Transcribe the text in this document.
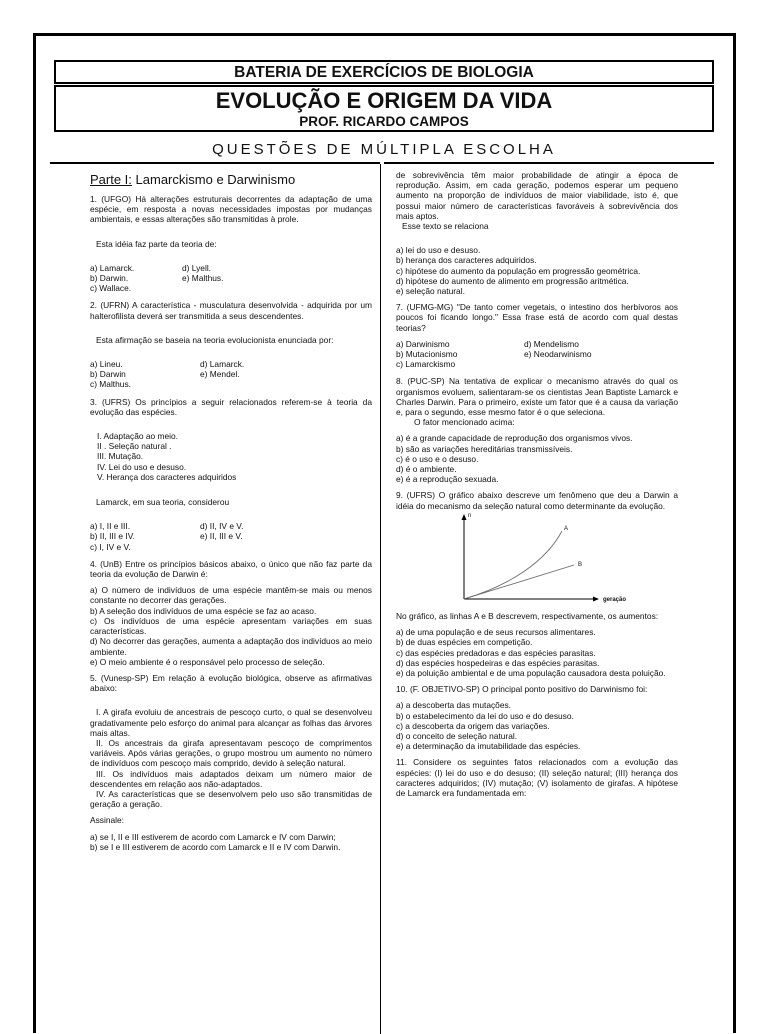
BATERIA DE EXERCÍCIOS DE BIOLOGIA
EVOLUÇÃO E ORIGEM DA VIDA
PROF. RICARDO CAMPOS
QUESTÕES DE MÚLTIPLA ESCOLHA
Parte I: Lamarckismo e Darwinismo

1. (UFGO) Há alterações estruturais decorrentes da adaptação de uma espécie, em resposta a novas necessidades impostas por mudanças ambientais, e essas alterações são transmitidas à prole.

Esta idéia faz parte da teoria de:

a) Lamarck.	d) Lyell.
b) Darwin.	e) Malthus.
c) Wallace.

2. (UFRN) A característica - musculatura desenvolvida - adquirida por um halterofilista deverá ser transmitida a seus descendentes.

Esta afirmação se baseia na teoria evolucionista enunciada por:

a) Lineu.	d) Lamarck.
b) Darwin	e) Mendel.
c) Malthus.

3. (UFRS) Os princípios a seguir relacionados referem-se à teoria da evolução das espécies.

I. Adaptação ao meio.
II . Seleção natural .
III. Mutação.
IV. Lei do uso e desuso.
V. Herança dos caracteres adquiridos

Lamarck, em sua teoria, considerou

a) I, II e III.	d) II, IV e V.
b) II, III e IV.	e) II, III e V.
c) I, IV e V.

4. (UnB) Entre os princípios básicos abaixo, o único que não faz parte da teoria da evolução de Darwin é:

a) O número de indivíduos de uma espécie mantêm-se mais ou menos constante no decorrer das gerações.

b) A seleção dos indivíduos de uma espécie se faz ao acaso.

c) Os indivíduos de uma espécie apresentam variações em suas características.

d) No decorrer das gerações, aumenta a adaptação dos indivíduos ao meio ambiente.

e) O meio ambiente é o responsável pelo processo de seleção.

5. (Vunesp-SP) Em relação à evolução biológica, observe as afirmativas abaixo:

I. A girafa evoluiu de ancestrais de pescoço curto, o qual se desenvolveu gradativamente pelo esforço do animal para alcançar as folhas das árvores mais altas.

II. Os ancestrais da girafa apresentavam pescoço de comprimentos variáveis. Após várias gerações, o grupo mostrou um aumento no número de indivíduos com pescoço mais comprido, devido à seleção natural.

III. Os indivíduos mais adaptados deixam um número maior de descendentes em relação aos não-adaptados.

IV. As características que se desenvolvem pelo uso são transmitidas de geração a geração.

Assinale:

a) se I, II e III estiverem de acordo com Lamarck e IV com Darwin;

b) se I e III estiverem de acordo com Lamarck e II e IV com Darwin.

de sobrevivência têm maior probabilidade de atingir a época de reprodução. Assim, em cada geração, podemos esperar um pequeno aumento na proporção de indivíduos de maior viabilidade, isto é, que possui maior número de características favoráveis à sobrevivência dos mais aptos.

Esse texto se relaciona

a) lei do uso e desuso.

b) herança dos caracteres adquiridos.

c) hipótese do aumento da população em progressão geométrica.

d) hipótese do aumento de alimento em progressão aritmética.

e) seleção natural.

7. (UFMG-MG) "De tanto comer vegetais, o intestino dos herbívoros aos poucos foi ficando longo." Essa frase está de acordo com qual destas teorias?

a) Darwinismo	d) Mendelismo
b) Mutacionismo	e) Neodarwinismo
c) Lamarckismo

8. (PUC-SP) Na tentativa de explicar o mecanismo através do qual os organismos evoluem, salientaram-se os cientistas Jean Baptiste Lamarck e Charles Darwin. Para o primeiro, existe um fator que é a causa da variação e, para o segundo, esse mesmo fator é o que seleciona.

O fator mencionado acima:

a) é a grande capacidade de reprodução dos organismos vivos.

b) são as variações hereditárias transmissíveis.

c) é o uso e o desuso.

d) é o ambiente.

e) é a reprodução sexuada.

9. (UFRS) O gráfico abaixo descreve um fenômeno que deu a Darwin a idéia do mecanismo da seleção natural como determinante da evolução.

n
A
B
geração

No gráfico, as linhas A e B descrevem, respectivamente, os aumentos:

a) de uma população e de seus recursos alimentares.

b) de duas espécies em competição.

c) das espécies predadoras e das espécies parasitas.

d) das espécies hospedeiras e das espécies parasitas.

e) da poluição ambiental e de uma população causadora desta poluição.

10. (F. OBJETIVO-SP) O principal ponto positivo do Darwinismo foi:

a) a descoberta das mutações.

b) o estabelecimento da lei do uso e do desuso.

c) a descoberta da origem das variações.

d) o conceito de seleção natural.

e) a determinação da imutabilidade das espécies.

11. Considere os seguintes fatos relacionados com a evolução das espécies: (I) lei do uso e do desuso; (II) seleção natural; (III) herança dos caracteres adquiridos; (IV) mutação; (V) isolamento de girafas. A hipótese de Lamarck era fundamentada em:
